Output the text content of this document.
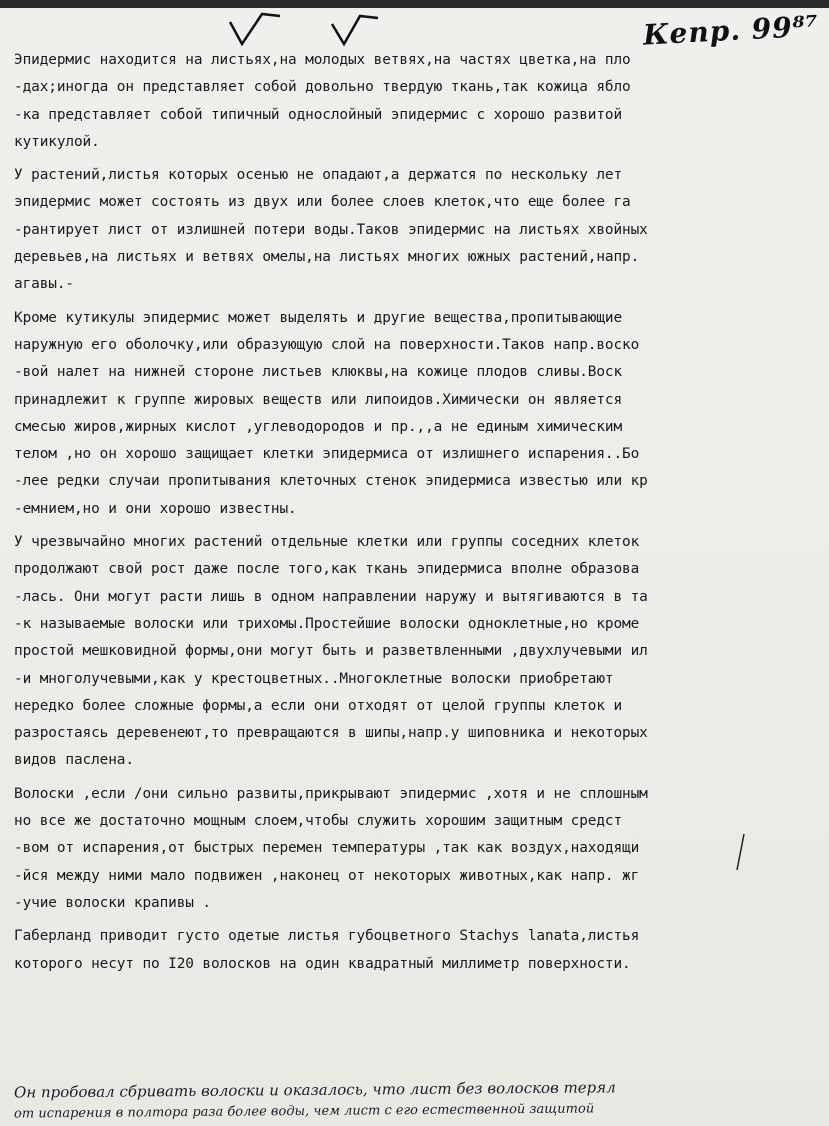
Кепр. 99⁸⁷
Эпидермис находится на листьях,на молодых ветвях,на частях цветка,на пло
-дах;иногда он представляет собой довольно твердую ткань,так кожица ябло
-ка представляет собой типичный однослойный эпидермис с хорошо развитой
кутикулой.
У растений,листья которых осенью не опадают,а держатся по нескольку лет
эпидермис может состоять из двух или более слоев клеток,что еще более га
-рантирует лист от излишней потери воды.Таков эпидермис на листьях хвойных
деревьев,на листьях и ветвях омелы,на листьях многих южных растений,напр.
агавы.-
Кроме кутикулы эпидермис может выделять и другие вещества,пропитывающие
наружную его оболочку,или образующую слой на поверхности.Таков напр.воско
-вой налет на нижней стороне листьев клюквы,на кожице плодов сливы.Воск
принадлежит к группе жировых веществ или липоидов.Химически он является
смесью жиров,жирных кислот ,углеводородов и пр.,,а не единым химическим
телом ,но он хорошо защищает клетки эпидермиса от излишнего испарения..Бо
-лее редки случаи пропитывания клеточных стенок эпидермиса известью или кр
-емнием,но и они хорошо известны.
У чрезвычайно многих растений отдельные клетки или группы соседних клеток
продолжают свой рост даже после того,как ткань эпидермиса вполне образова
-лась. Они могут расти лишь в одном направлении наружу и вытягиваются в та
-к называемые волоски или трихомы.Простейшие волоски одноклетные,но кроме
простой мешковидной формы,они могут быть и разветвленными ,двухлучевыми ил
-и многолучевыми,как у крестоцветных..Многоклетные волоски приобретают
нередко более сложные формы,а если они отходят от целой группы клеток и
разростаясь деревенеют,то превращаются в шипы,напр.у шиповника и некоторых
видов паслена.
Волоски ,если /они сильно развиты,прикрывают эпидермис ,хотя и не сплошным
но все же достаточно мощным слоем,чтобы служить хорошим защитным средст
-вом от испарения,от быстрых перемен температуры ,так как воздух,находящи
-йся между ними мало подвижен ,наконец от некоторых животных,как напр. жг
-учие волоски крапивы .
Габерланд приводит густо одетые листья губоцветного Stachys lanata,листья
которого несут по I20 волосков на один квадратный миллиметр поверхности.
Он пробовал сбривать волоски и оказалось, что лист без волосков терял
от испарения в полтора раза более воды, чем лист с его естественной защитой
